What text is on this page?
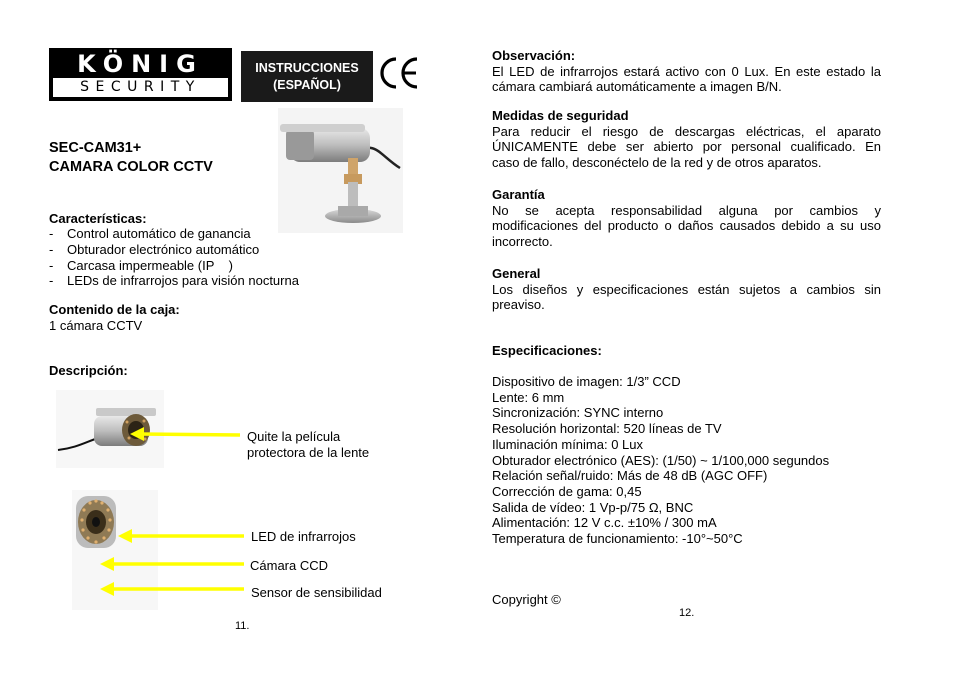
KÖNIG
SECURITY
INSTRUCCIONES
(ESPAÑOL)
SEC-CAM31+
CAMARA COLOR CCTV
Características:
- Control automático de ganancia
- Obturador electrónico automático
- Carcasa impermeable (IP    )
- LEDs de infrarrojos para visión nocturna
Contenido de la caja:
1 cámara CCTV
Descripción:
Quite la película
protectora de la lente
LED de infrarrojos
Cámara CCD
Sensor de sensibilidad
11.
Observación:
El LED de infrarrojos estará activo con 0 Lux. En este estado la
cámara cambiará automáticamente a imagen B/N.
Medidas de seguridad
Para reducir el riesgo de descargas eléctricas, el aparato
ÚNICAMENTE debe ser abierto por personal cualificado. En
caso de fallo, desconéctelo de la red y de otros aparatos.
Garantía
No se acepta responsabilidad alguna por cambios y
modificaciones del producto o daños causados debido a su uso
incorrecto.
General
Los diseños y especificaciones están sujetos a cambios sin
preaviso.
Especificaciones:
Dispositivo de imagen: 1/3” CCD
Lente: 6 mm
Sincronización: SYNC interno
Resolución horizontal: 520 líneas de TV
Iluminación mínima: 0 Lux
Obturador electrónico (AES): (1/50) ~ 1/100,000 segundos
Relación señal/ruido: Más de 48 dB (AGC OFF)
Corrección de gama: 0,45
Salida de vídeo: 1 Vp-p/75 Ω, BNC
Alimentación: 12 V c.c. ±10% / 300 mA
Temperatura de funcionamiento: -10°~50°C
Copyright ©
12.
